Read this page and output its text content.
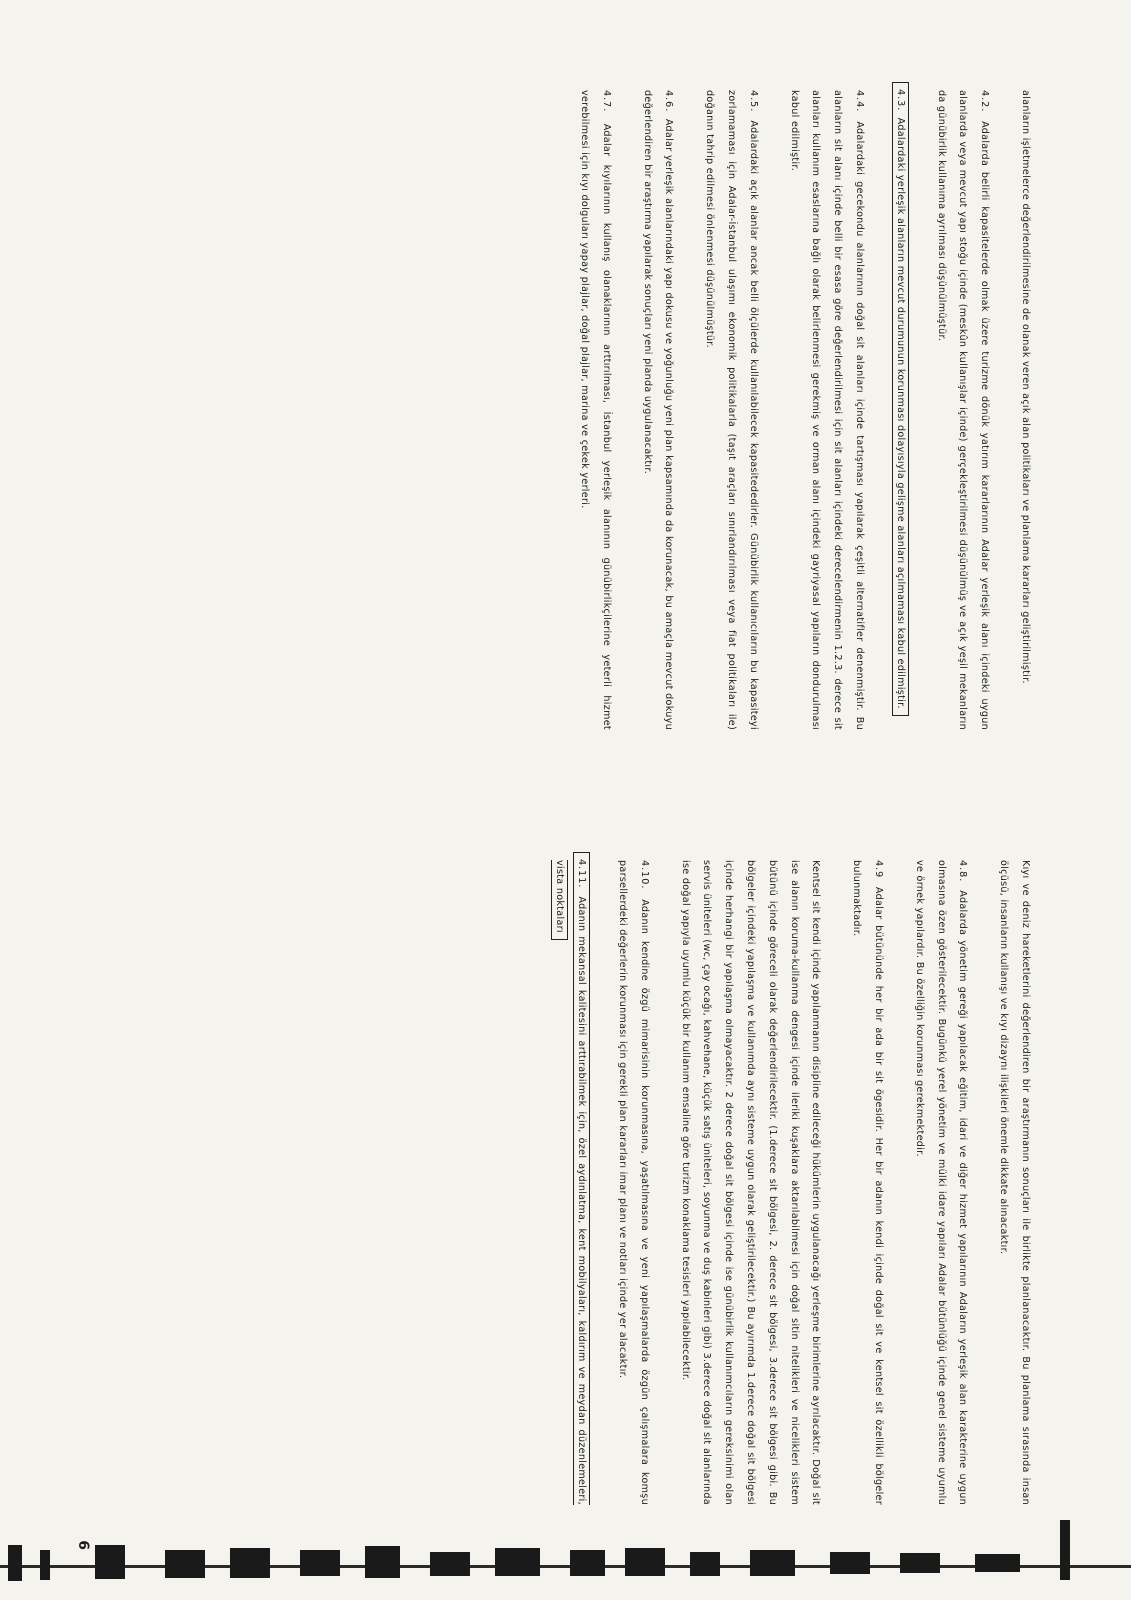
alanların işletmelerce değerlendirilmesine de olanak veren açık alan politikaları ve planlama kararları geliştirilmiştir.

4.2. Adalarda belirli kapasitelerde olmak üzere turizme dönük yatırım kararlarının Adalar yerleşik alanı içindeki uygun alanlarda veya mevcut yapı stoğu içinde (meskûn kullanışlar içinde) gerçekleştirilmesi düşünülmüş ve açık yeşil mekanların da günübirlik kullanıma ayrılması düşünülmüştür.

4.3. Adalardaki yerleşik alanların mevcut durumunun korunması dolayısıyla gelişme alanları açılmaması kabul edilmiştir.

4.4. Adalardaki gecekondu alanlarının doğal sit alanları içinde tartışması yapılarak çeşitli alternatifler denenmiştir. Bu alanların sit alanı içinde belli bir esasa göre değerlendirilmesi için sit alanları içindeki derecelendirmenin 1.2.3. derece sit alanları kullanım esaslarına bağlı olarak belirlenmesi gerekmiş ve orman alanı içindeki gayriyasal yapıların dondurulması kabul edilmiştir.

4.5. Adalardaki açık alanlar ancak belli ölçülerde kullanılabilecek kapasitededirler. Günübirlik kullanıcıların bu kapasiteyi zorlamaması için Adalar-İstanbul ulaşımı ekonomik politikalarla (taşıt araçları sınırlandırılması veya fiat politikaları ile) doğanın tahrip edilmesi önlenmesi düşünülmüştür.

4.6. Adalar yerleşik alanlarındaki yapı dokusu ve yoğunluğu yeni plan kapsamında da korunacak, bu amaçla mevcut dokuyu değerlendiren bir araştırma yapılarak sonuçları yeni planda uygulanacaktır.

4.7. Adalar kıyılarının kullanış olanaklarının arttırılması, İstanbul yerleşik alanının günübirlikçilerine yeterli hizmet verebilmesi için kıyı dolguları yapay plajlar, doğal plajlar, marina ve çekek yerleri.

Kıyı ve deniz hareketlerini değerlendiren bir araştırmanın sonuçları ile birlikte planlanacaktır. Bu planlama sırasında insan ölçüsü, insanların kullanışı ve kıyı dizaynı ilişkileri önemle dikkate alınacaktır.

4.8. Adalarda yönetim gereği yapılacak eğitim, idari ve diğer hizmet yapılarının Adaların yerleşik alan karakterine uygun olmasına özen gösterilecektir. Bugünkü yerel yönetim ve mülki idare yapıları Adalar bütünlüğü içinde genel sisteme uyumlu ve örnek yapılardır. Bu özelliğin korunması gerekmektedir.

4.9 Adalar bütününde her bir ada bir sit ögesidir. Her bir adanın kendi içinde doğal sit ve kentsel sit özellikli bölgeler bulunmaktadır.

Kentsel sit kendi içinde yapılanmanın disipline edileceği hükümlerin uygulanacağı yerleşme birimlerine ayrılacaktır. Doğal sit ise alanın koruma-kullanma dengesi içinde ileriki kuşaklara aktarılabilmesi için doğal sitin nitelikleri ve nicelikleri sistem bütünü içinde göreceli olarak değerlendirilecektir. (1.derece sit bölgesi, 2. derece sit bölgesi, 3.derece sit bölgesi gibi. Bu bölgeler içindeki yapılaşma ve kullanımda aynı sisteme uygun olarak geliştirilecektir.) Bu ayırımda 1.derece doğal sit bölgesi içinde herhangi bir yapılaşma olmayacaktır. 2 derece doğal sit bölgesi içinde ise günübirlik kullanımcıların gereksinimi olan servis üniteleri (wc, çay ocağı, kahvehane, küçük satış üniteleri, soyunma ve duş kabinleri gibi) 3.derece doğal sit alanlarında ise doğal yapıyla uyumlu küçük bir kullanım emsaline göre turizm konaklama tesisleri yapılabilecektir.

4.10. Adanın kendine özgü mimarisinin korunmasına, yaşatılmasına ve yeni yapılaşmalarda özgün çalışmalara komşu parsellerdeki değerlerin korunması için gerekli plan kararları imar planı ve notları içinde yer alacaktır.

4.11. Adanın mekansal kalitesini arttırabilmek için, özel aydınlatma, kent mobilyaları, kaldırım ve meydan düzenlemeleri, vista noktaları

6
